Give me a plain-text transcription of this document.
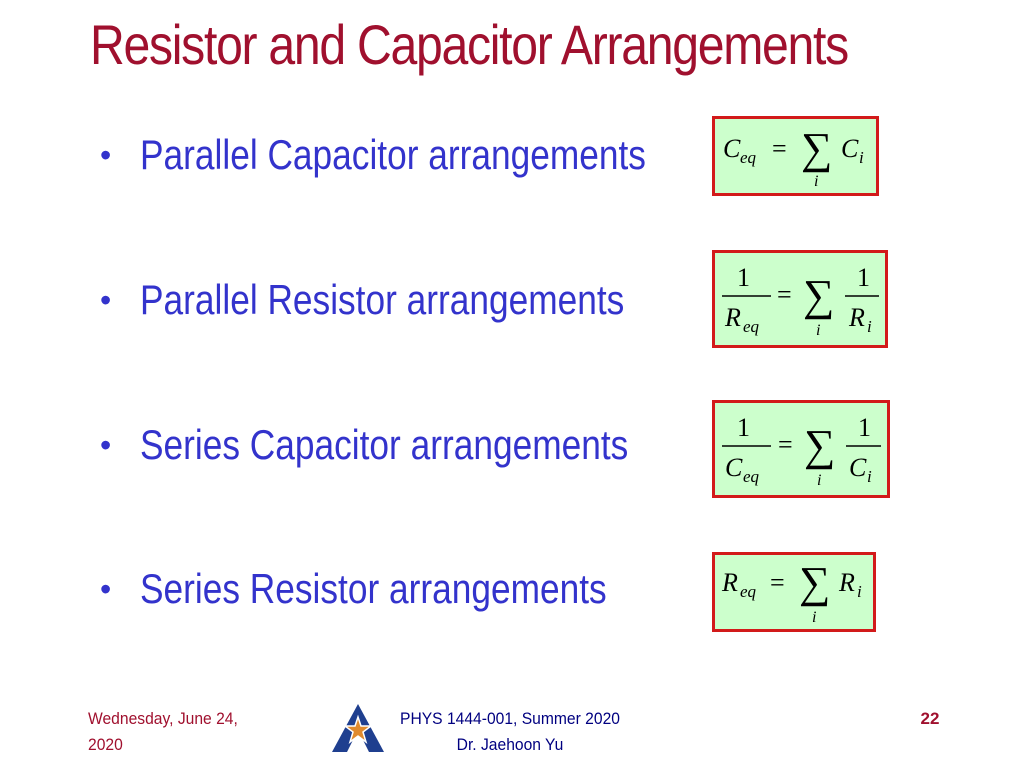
Resistor and Capacitor Arrangements
• Parallel Capacitor arrangements
• Parallel Resistor arrangements
• Series Capacitor arrangements
• Series Resistor arrangements
C eq = ∑
i
C i
1
R eq
= ∑
i
1
R i
1
C eq
= ∑
i
1
C i
R eq = ∑
i
R i
Wednesday, June 24,
2020
PHYS 1444-001, Summer 2020
Dr. Jaehoon Yu
22
